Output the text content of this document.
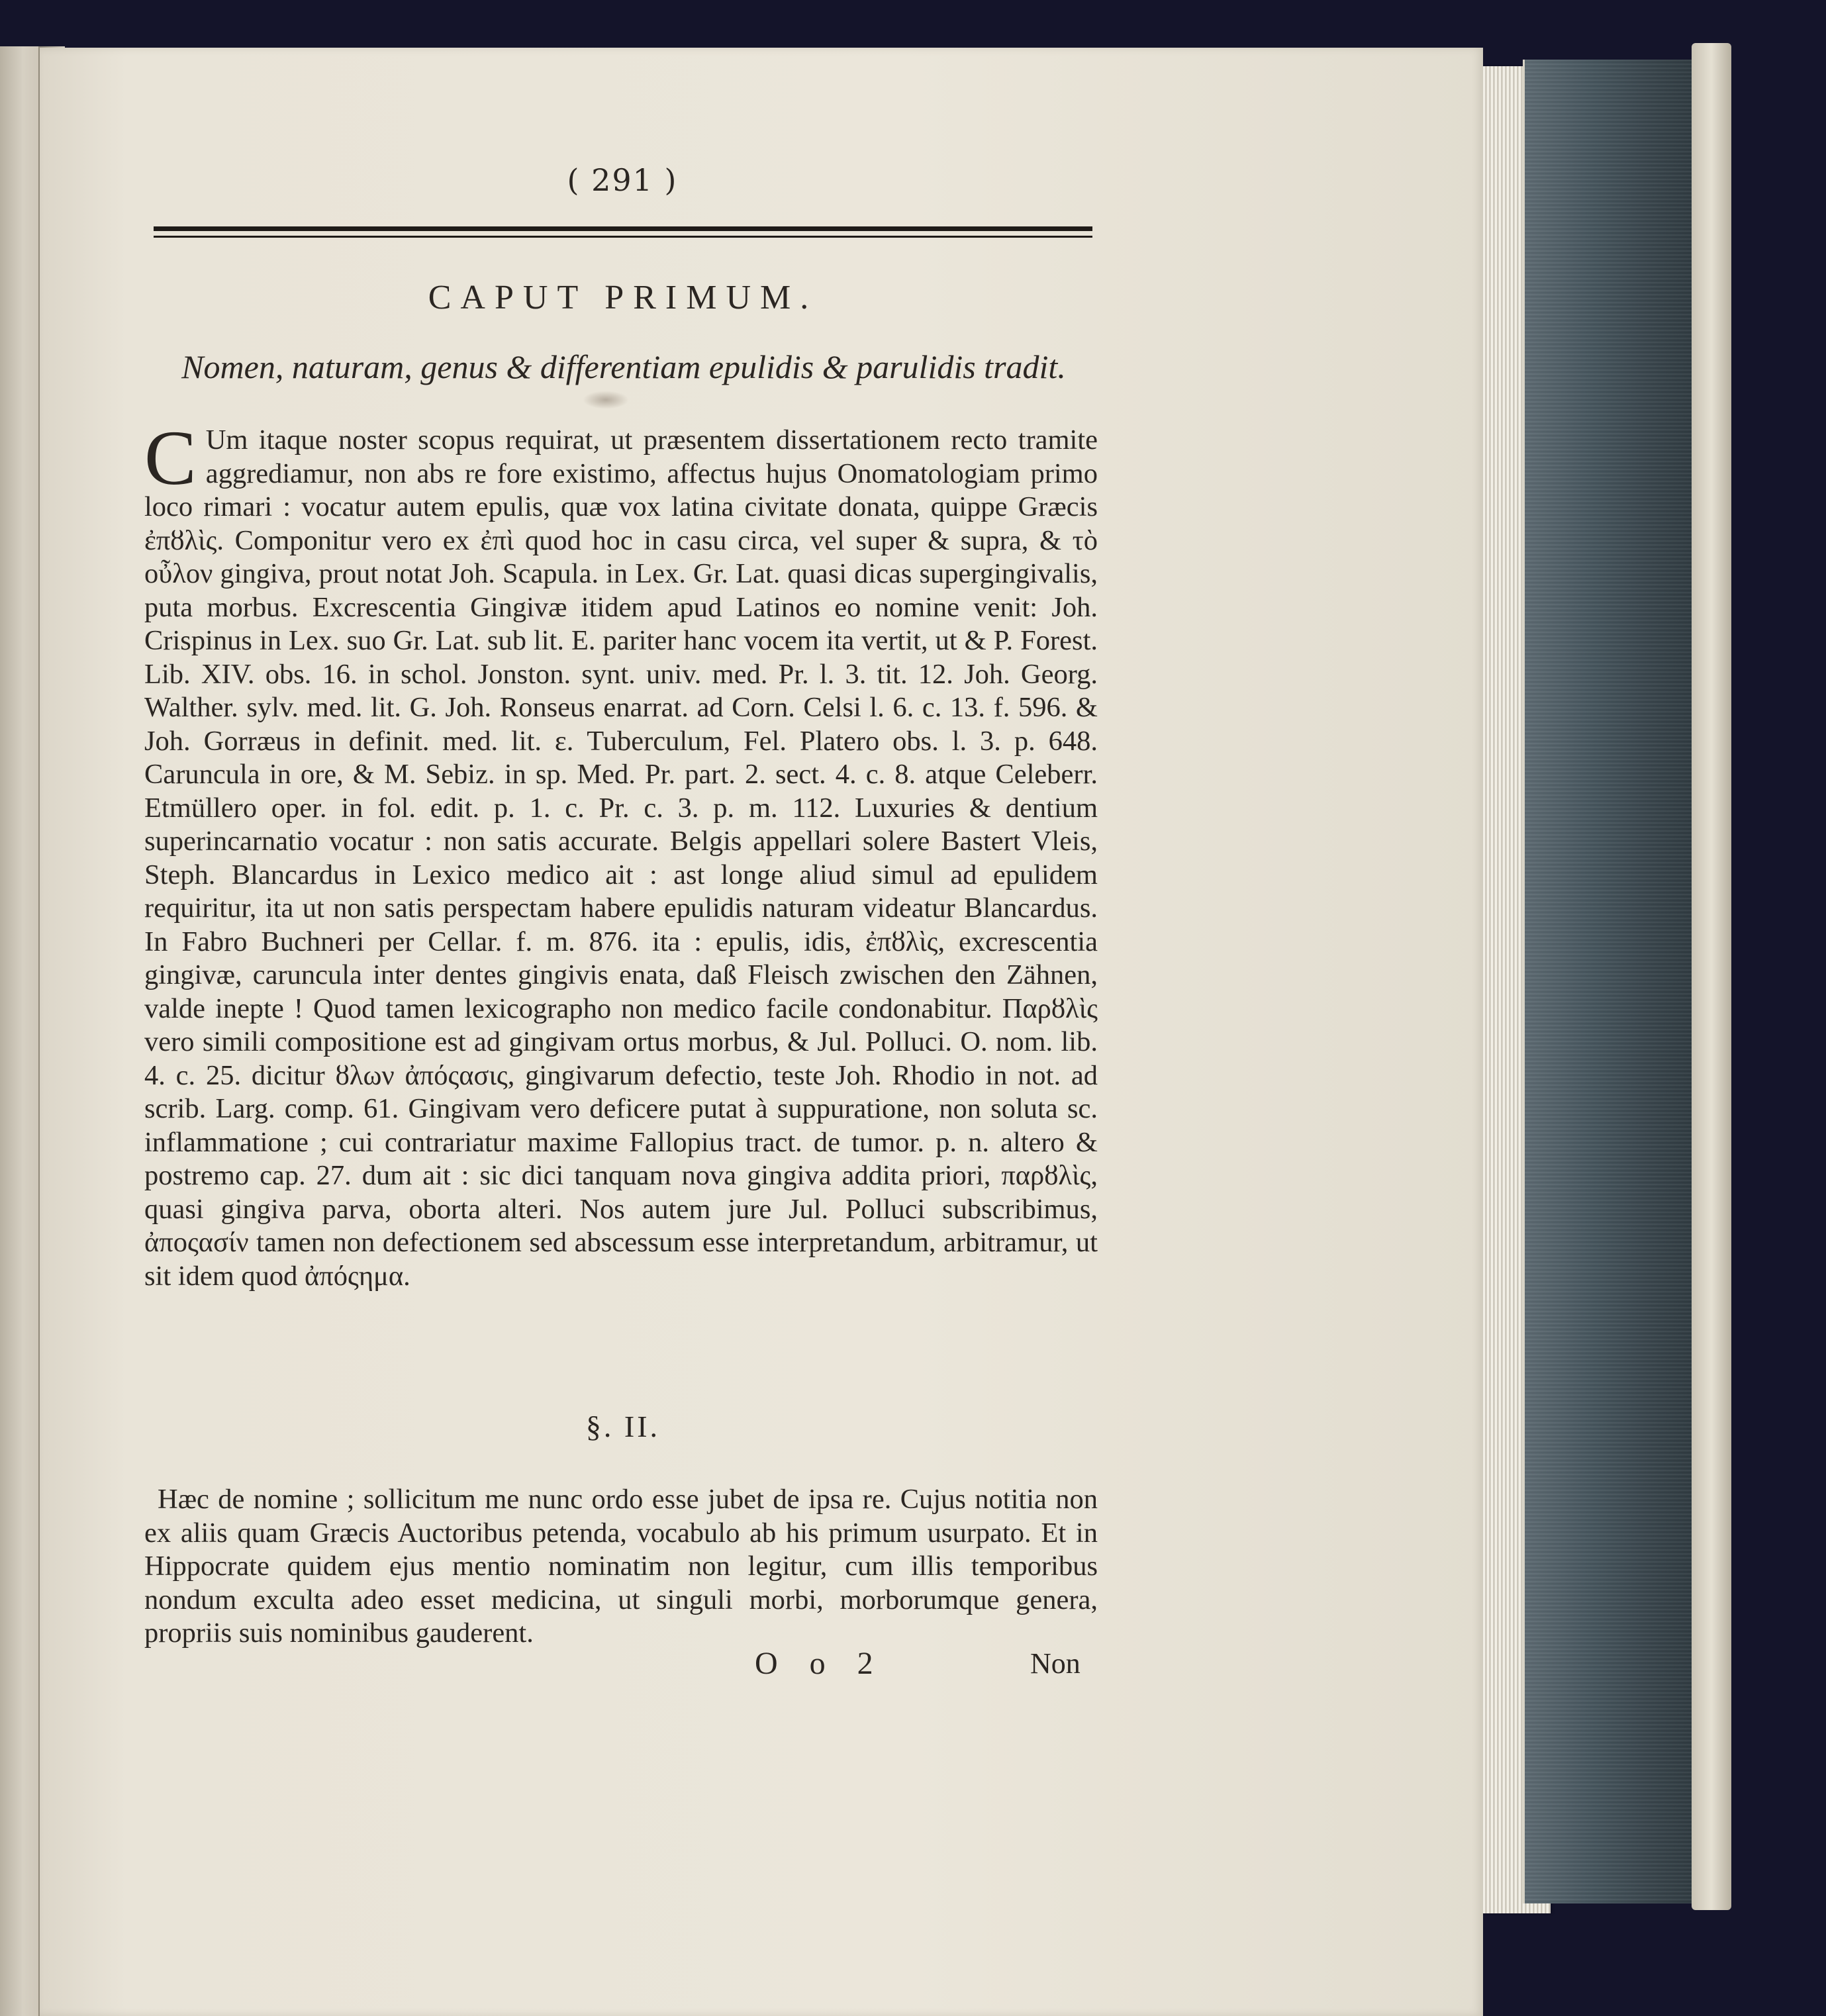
( 291 )
CAPUT PRIMUM.
Nomen, naturam, genus & differentiam epulidis & parulidis tradit.
C Um itaque noster scopus requirat, ut præsentem dissertationem recto tramite aggrediamur, non abs re fore existimo, affectus hujus Onomatologiam primo loco rimari : vocatur autem epulis, quæ vox latina civitate donata, quippe Græcis ἐπȣλὶς. Componitur vero ex ἐπὶ quod hoc in casu circa, vel super & supra, & τὸ οὖλον gingiva, prout notat Joh. Scapula. in Lex. Gr. Lat. quasi dicas supergingivalis, puta morbus. Excrescentia Gingivæ itidem apud Latinos eo nomine venit: Joh. Crispinus in Lex. suo Gr. Lat. sub lit. E. pariter hanc vocem ita vertit, ut & P. Forest. Lib. XIV. obs. 16. in schol. Jonston. synt. univ. med. Pr. l. 3. tit. 12. Joh. Georg. Walther. sylv. med. lit. G. Joh. Ronseus enarrat. ad Corn. Celsi l. 6. c. 13. f. 596. & Joh. Gorræus in definit. med. lit. ε. Tuberculum, Fel. Platero obs. l. 3. p. 648. Caruncula in ore, & M. Sebiz. in sp. Med. Pr. part. 2. sect. 4. c. 8. atque Celeberr. Etmüllero oper. in fol. edit. p. 1. c. Pr. c. 3. p. m. 112. Luxuries & dentium superincarnatio vocatur : non satis accurate. Belgis appellari solere Bastert Vleis, Steph. Blancardus in Lexico medico ait : ast longe aliud simul ad epulidem requiritur, ita ut non satis perspectam habere epulidis naturam videatur Blancardus. In Fabro Buchneri per Cellar. f. m. 876. ita : epulis, idis, ἐπȣλὶς, excrescentia gingivæ, caruncula inter dentes gingivis enata, daß Fleisch zwischen den Zähnen, valde inepte ! Quod tamen lexicographo non medico facile condonabitur. Παρȣλὶς vero simili compositione est ad gingivam ortus morbus, & Jul. Polluci. O. nom. lib. 4. c. 25. dicitur ȣλων ἀπόςασις, gingivarum defectio, teste Joh. Rhodio in not. ad scrib. Larg. comp. 61. Gingivam vero deficere putat à suppuratione, non soluta sc. inflammatione ; cui contrariatur maxime Fallopius tract. de tumor. p. n. altero & postremo cap. 27. dum ait : sic dici tanquam nova gingiva addita priori, παρȣλὶς, quasi gingiva parva, oborta alteri. Nos autem jure Jul. Polluci subscribimus, ἀποςασίν tamen non defectionem sed abscessum esse interpretandum, arbitramur, ut sit idem quod ἀπόςημα.
§. II.
Hæc de nomine ; sollicitum me nunc ordo esse jubet de ipsa re. Cujus notitia non ex aliis quam Græcis Auctoribus petenda, vocabulo ab his primum usurpato. Et in Hippocrate quidem ejus mentio nominatim non legitur, cum illis temporibus nondum exculta adeo esset medicina, ut singuli morbi, morborumque genera, propriis suis nominibus gauderent.
O o 2	Non
